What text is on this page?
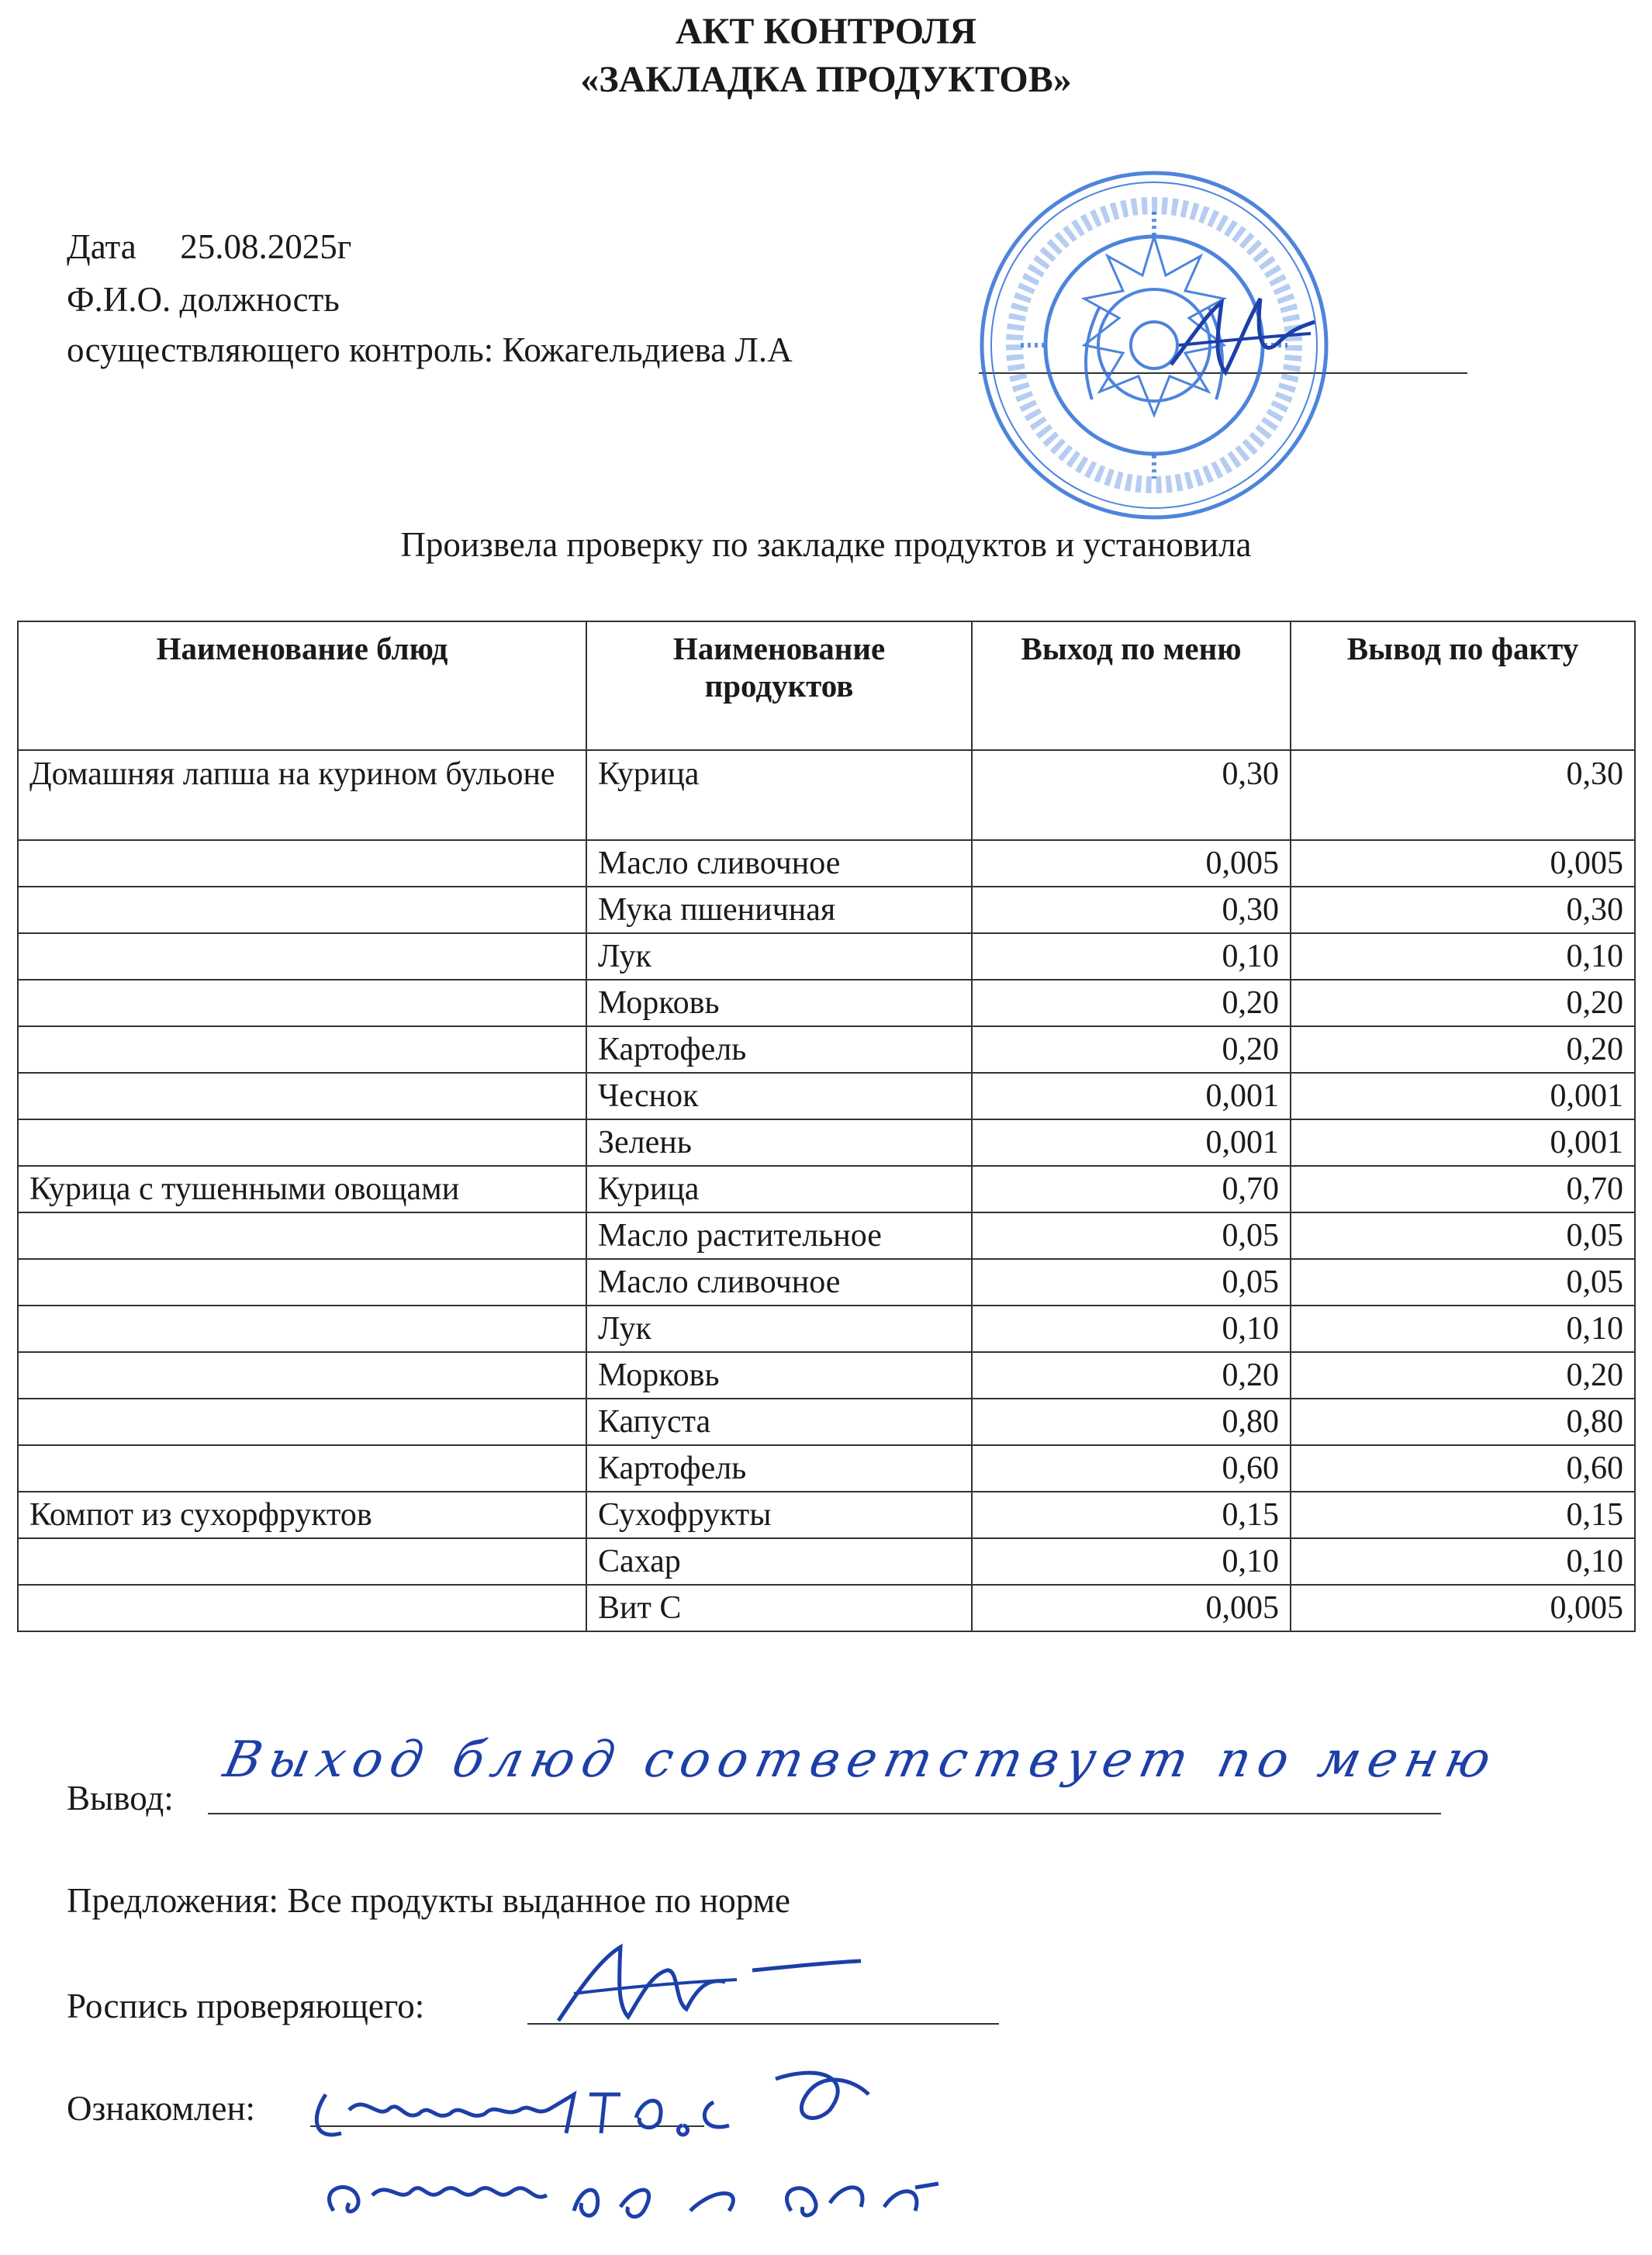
АКТ КОНТРОЛЯ
«ЗАКЛАДКА ПРОДУКТОВ»
Дата 25.08.2025г
Ф.И.О. должность
осуществляющего контроль: Кожагельдиева Л.А
Произвела проверку по закладке продуктов и установила
Наименование блюд	Наименование продуктов	Выход по меню	Вывод по факту
Домашняя лапша на курином бульоне	Курица	0,30	0,30
	Масло сливочное	0,005	0,005
	Мука пшеничная	0,30	0,30
	Лук	0,10	0,10
	Морковь	0,20	0,20
	Картофель	0,20	0,20
	Чеснок	0,001	0,001
	Зелень	0,001	0,001
Курица с тушенными овощами	Курица	0,70	0,70
	Масло растительное	0,05	0,05
	Масло сливочное	0,05	0,05
	Лук	0,10	0,10
	Морковь	0,20	0,20
	Капуста	0,80	0,80
	Картофель	0,60	0,60
Компот из сухорфруктов	Сухофрукты	0,15	0,15
	Сахар	0,10	0,10
	Вит С	0,005	0,005
Вывод:
Выход блюд соответствует по меню
Предложения: Все продукты выданное по норме
Роспись проверяющего:
Ознакомлен:
